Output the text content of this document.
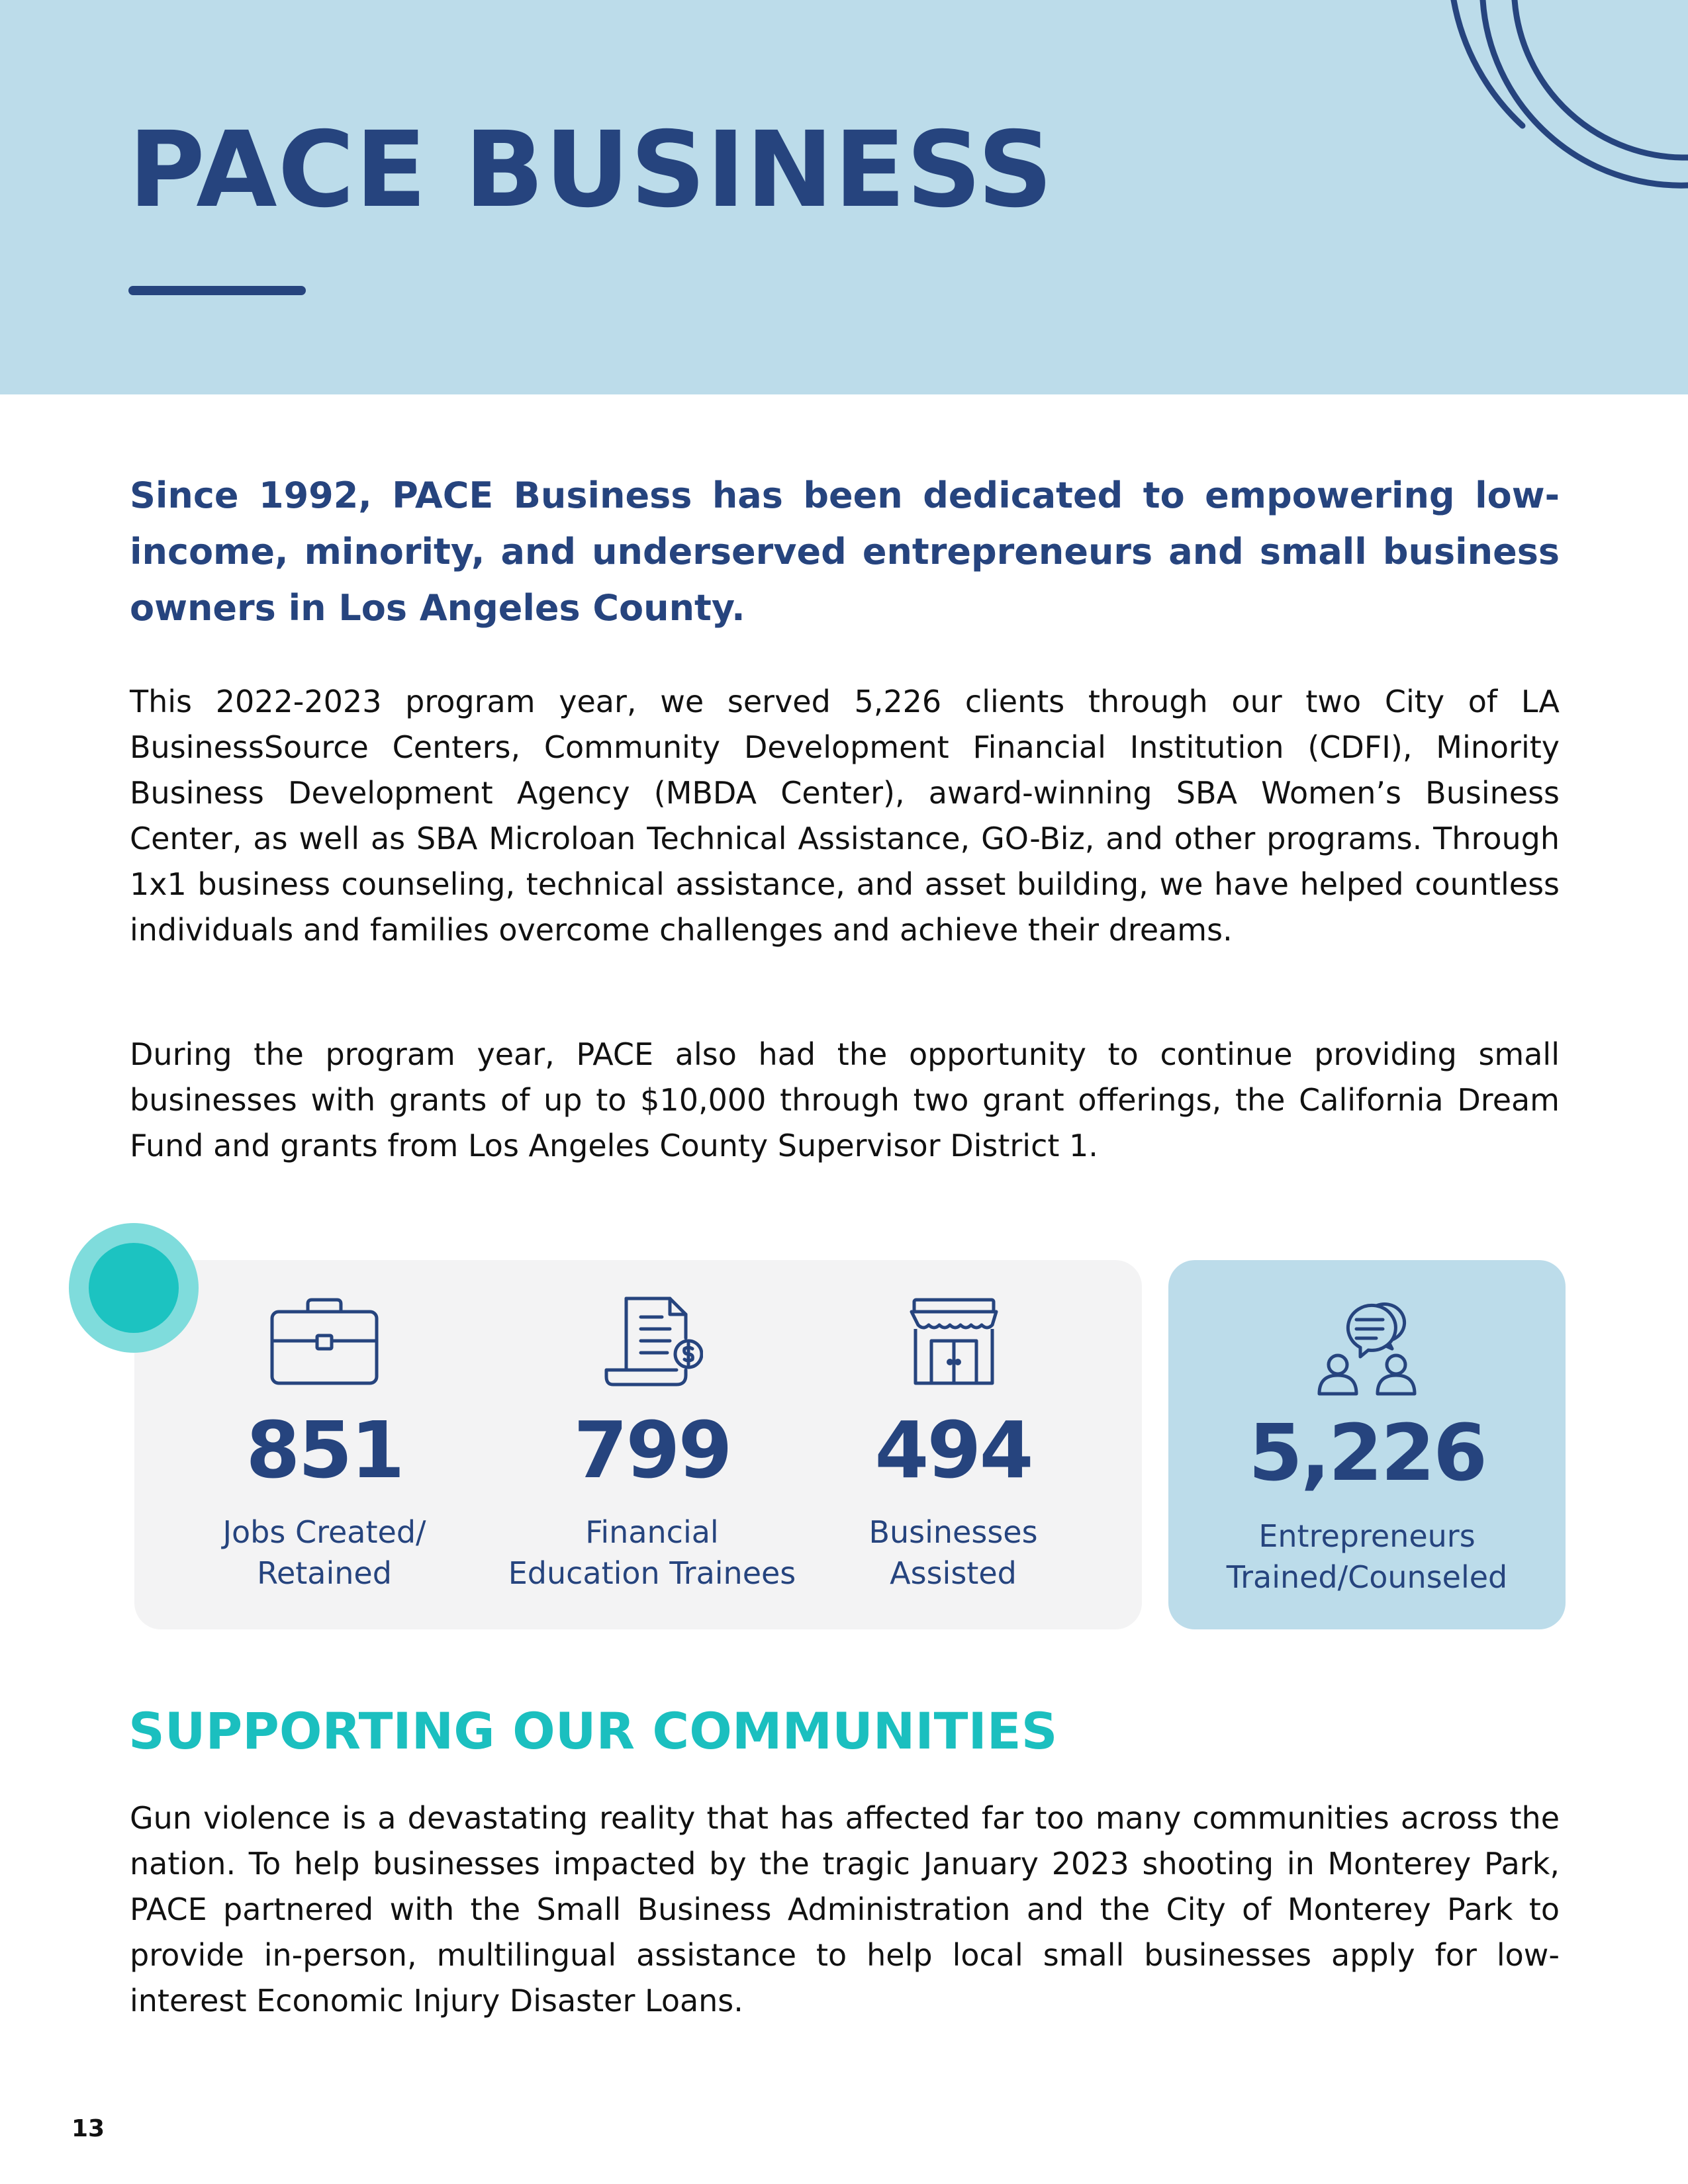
PACE BUSINESS

Since 1992, PACE Business has been dedicated to empowering low-income, minority, and underserved entrepreneurs and small business owners in Los Angeles County.

This 2022-2023 program year, we served 5,226 clients through our two City of LA BusinessSource Centers, Community Development Financial Institution (CDFI), Minority Business Development Agency (MBDA Center), award-winning SBA Women’s Business Center, as well as SBA Microloan Technical Assistance, GO-Biz, and other programs. Through 1x1 business counseling, technical assistance, and asset building, we have helped countless individuals and families overcome challenges and achieve their dreams.

During the program year, PACE also had the opportunity to continue providing small businesses with grants of up to $10,000 through two grant offerings, the California Dream Fund and grants from Los Angeles County Supervisor District 1.

851
Jobs Created/
Retained
799
Financial
Education Trainees
494
Businesses
Assisted
5,226
Entrepreneurs
Trained/Counseled
SUPPORTING OUR COMMUNITIES

Gun violence is a devastating reality that has affected far too many communities across the nation. To help businesses impacted by the tragic January 2023 shooting in Monterey Park, PACE partnered with the Small Business Administration and the City of Monterey Park to provide in-person, multilingual assistance to help local small businesses apply for low-interest Economic Injury Disaster Loans.

13
